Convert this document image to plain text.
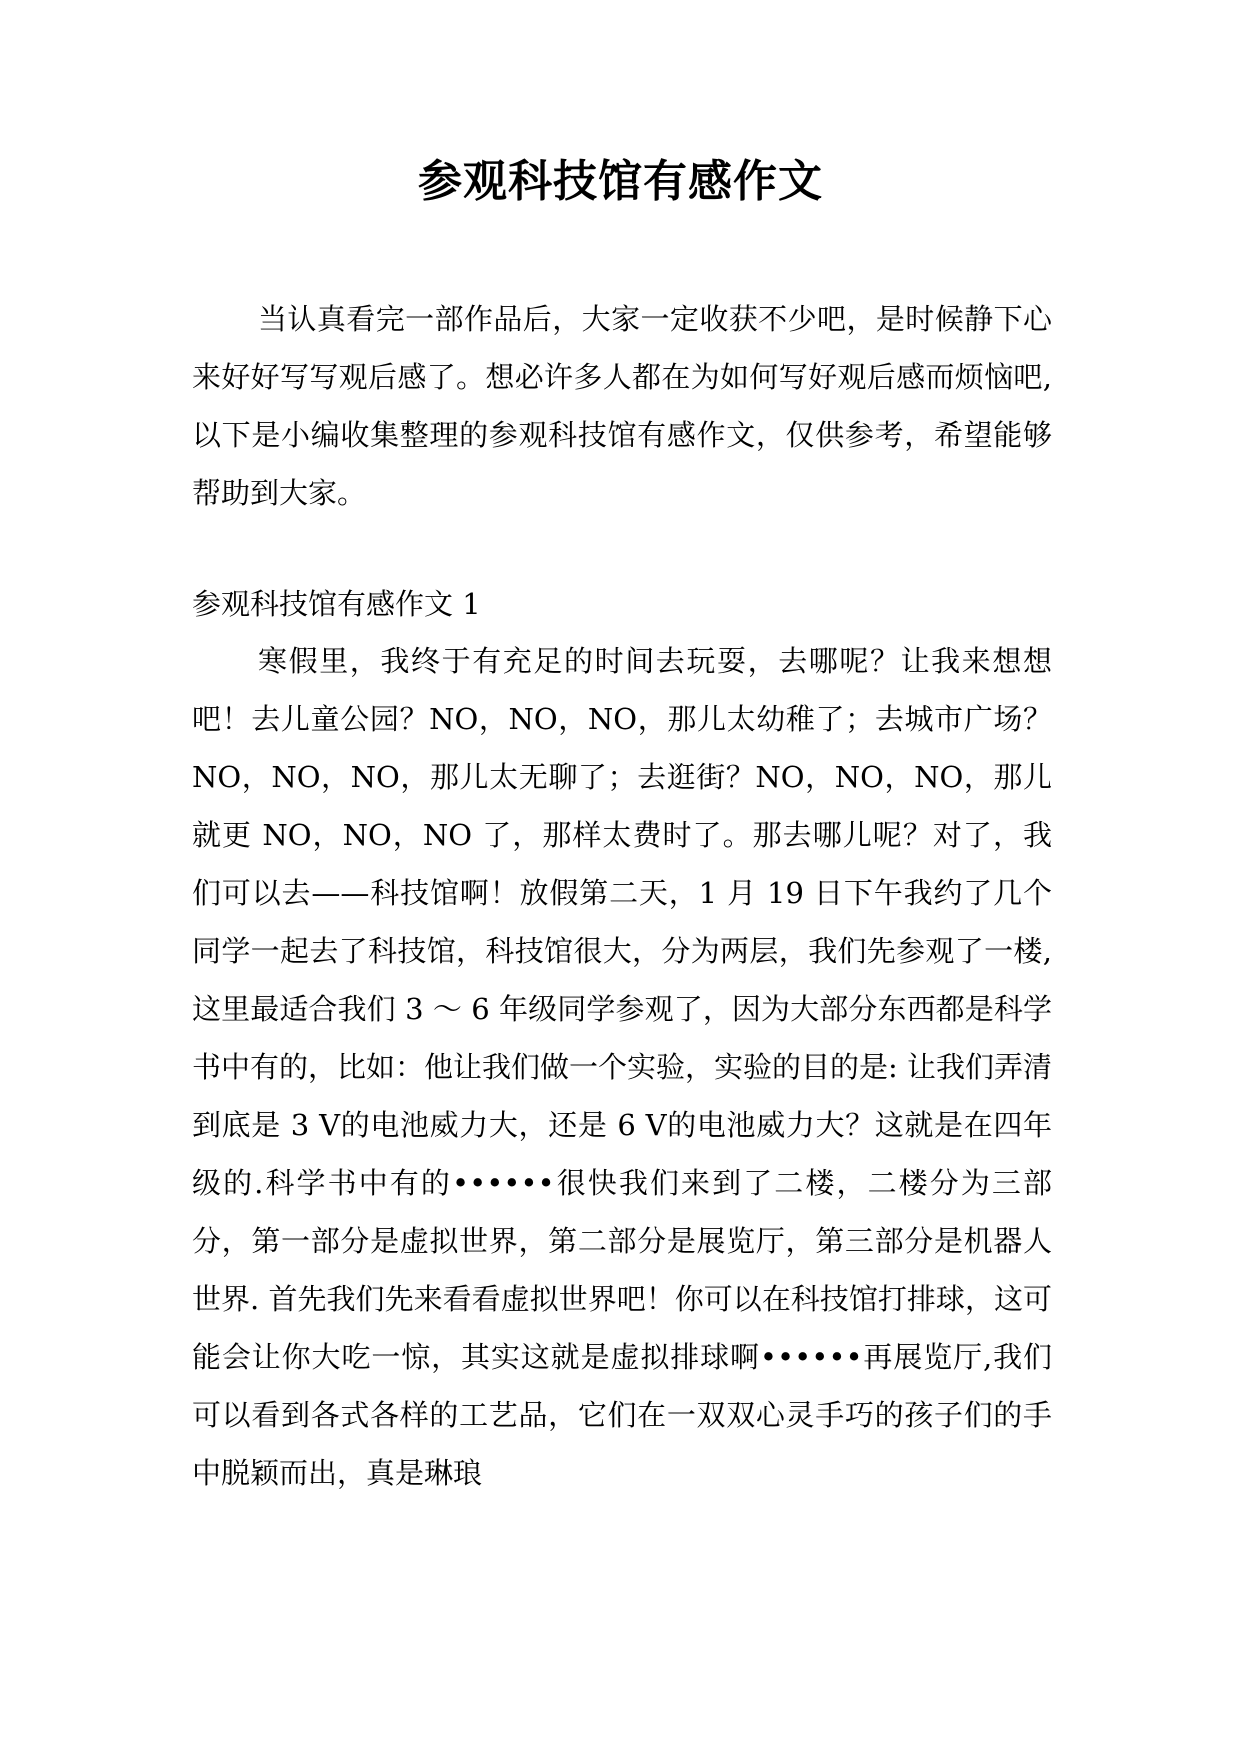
参观科技馆有感作文
当认真看完一部作品后，大家一定收获不少吧，是时候静下心来好好写写观后感了。想必许多人都在为如何写好观后感而烦恼吧,以下是小编收集整理的参观科技馆有感作文，仅供参考，希望能够帮助到大家。
参观科技馆有感作文 1
寒假里，我终于有充足的时间去玩耍，去哪呢？让我来想想吧！去儿童公园？NO，NO，NO，那儿太幼稚了；去城市广场？NO，NO，NO，那儿太无聊了；去逛街？NO，NO，NO，那儿就更 NO，NO，NO 了，那样太费时了。那去哪儿呢？对了，我们可以去——科技馆啊！放假第二天，1 月 19 日下午我约了几个同学一起去了科技馆，科技馆很大，分为两层，我们先参观了一楼,这里最适合我们 3 ～ 6 年级同学参观了，因为大部分东西都是科学书中有的，比如：他让我们做一个实验，实验的目的是: 让我们弄清到底是 3 V的电池威力大，还是 6 V的电池威力大？这就是在四年级的.科学书中有的••••••很快我们来到了二楼，二楼分为三部分，第一部分是虚拟世界，第二部分是展览厅，第三部分是机器人世界. 首先我们先来看看虚拟世界吧！你可以在科技馆打排球，这可能会让你大吃一惊，其实这就是虚拟排球啊••••••再展览厅,我们可以看到各式各样的工艺品，它们在一双双心灵手巧的孩子们的手中脱颖而出，真是琳琅
